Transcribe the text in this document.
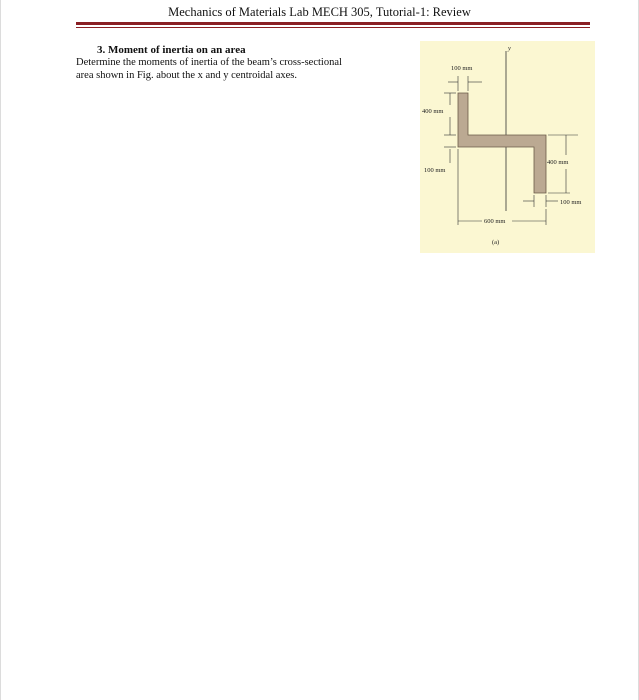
Mechanics of Materials Lab MECH 305, Tutorial-1: Review
3. Moment of inertia on an area
Determine the moments of inertia of the beam’s cross-sectional
area shown in Fig. about the x and y centroidal axes.
y
100 mm
400 mm
100 mm
400 mm
100 mm
600 mm
(a)
